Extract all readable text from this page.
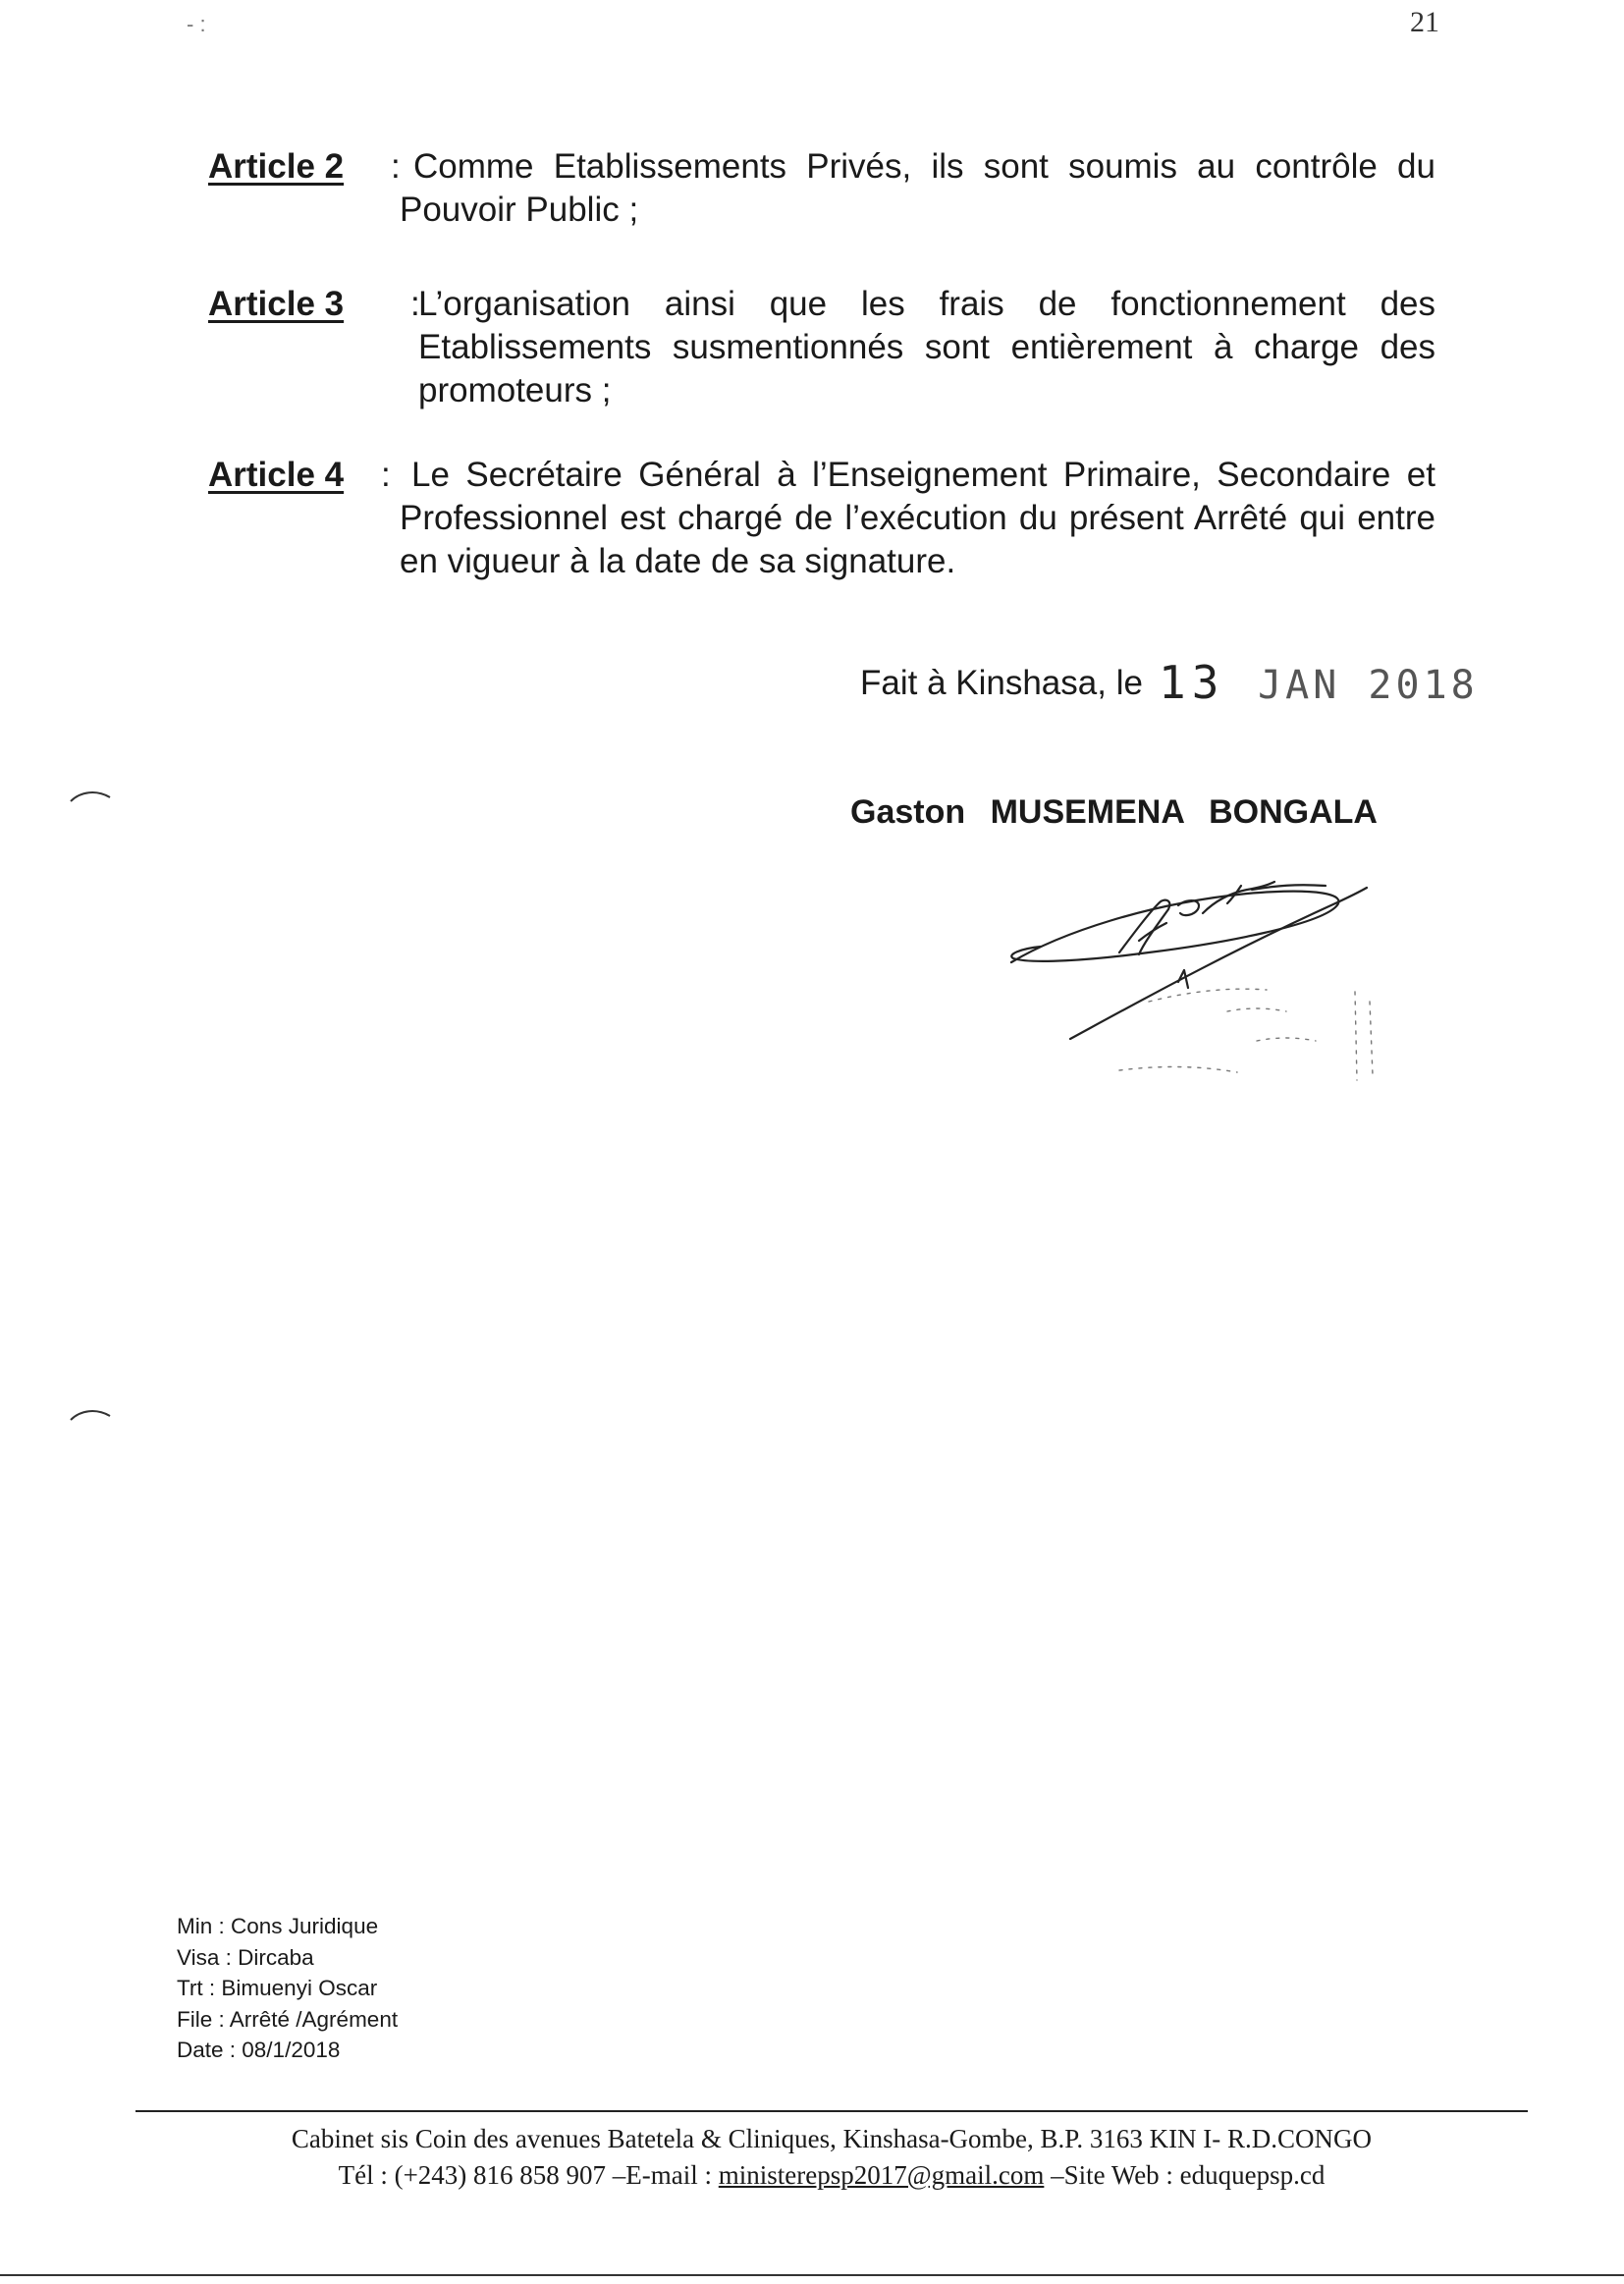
- :	21
Article 2 : Comme Etablissements Privés, ils sont soumis au contrôle du Pouvoir Public ;
Article 3 :
L’organisation ainsi que les frais de fonctionnement des Etablissements susmentionnés sont entièrement à charge des promoteurs ;
Article 4 : Le Secrétaire Général à l’Enseignement Primaire, Secondaire et Professionnel est chargé de l’exécution du présent Arrêté qui entre en vigueur à la date de sa signature.
Fait à Kinshasa, le 13 JAN 2018
Gaston MUSEMENA BONGALA
Min : Cons Juridique
Visa : Dircaba
Trt : Bimuenyi Oscar
File : Arrêté /Agrément
Date : 08/1/2018
Cabinet sis Coin des avenues Batetela & Cliniques, Kinshasa-Gombe, B.P. 3163 KIN I- R.D.CONGO
Tél : (+243) 816 858 907 –E-mail : ministerepsp2017@gmail.com –Site Web : eduquepsp.cd
